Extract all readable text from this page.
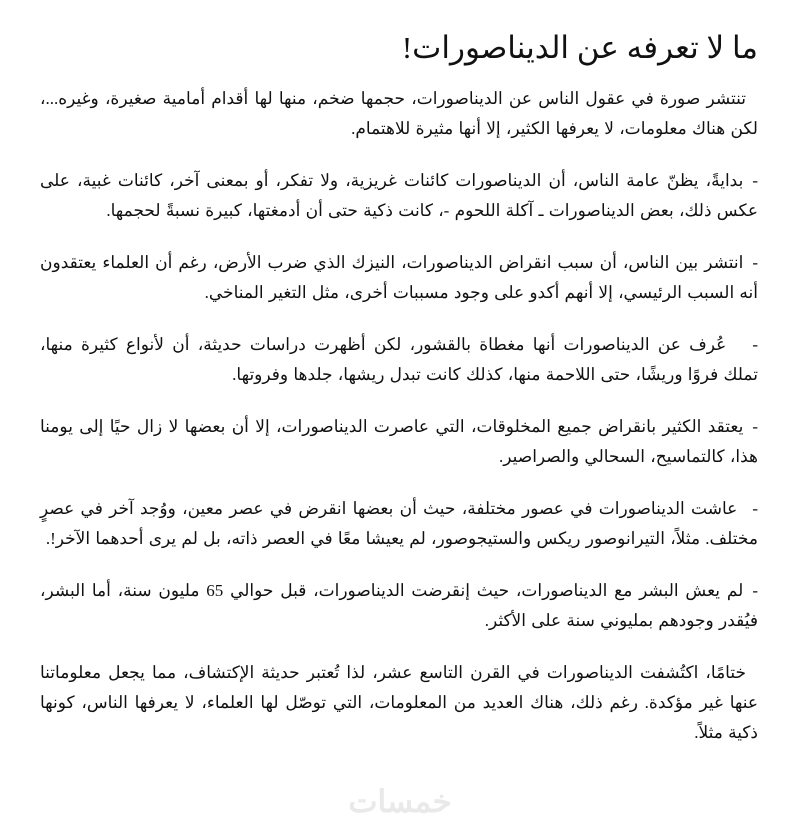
ما لا تعرفه عن الديناصورات!

تنتشر صورة في عقول الناس عن الديناصورات، حجمها ضخم، منها لها أقدام أمامية صغيرة، وغيره...، لكن هناك معلومات، لا يعرفها الكثير، إلا أنها مثيرة للاهتمام.

-بدايةً، يظنّ عامة الناس، أن الديناصورات كائنات غريزية، ولا تفكر، أو بمعنى آخر، كائنات غبية، على عكس ذلك، بعض الديناصورات ـ آكلة اللحوم -، كانت ذكية حتى أن أدمغتها، كبيرة نسبةً لحجمها.

-انتشر بين الناس، أن سبب انقراض الديناصورات، النيزك الذي ضرب الأرض، رغم أن العلماء يعتقدون أنه السبب الرئيسي، إلا أنهم أكدو على وجود مسببات أخرى، مثل التغير المناخي.

-عُرف عن الديناصورات أنها مغطاة بالقشور، لكن أظهرت دراسات حديثة، أن لأنواع كثيرة منها، تملك فروًا وريشًا، حتى اللاحمة منها، كذلك كانت تبدل ريشها، جلدها وفروتها.

-يعتقد الكثير بانقراض جميع المخلوقات، التي عاصرت الديناصورات، إلا أن بعضها لا زال حيًا إلى يومنا هذا، كالتماسيح، السحالي والصراصير.

-عاشت الديناصورات في عصور مختلفة، حيث أن بعضها انقرض في عصر معين، ووُجد آخر في عصرٍ مختلف. مثلاً، التيرانوصور ريكس والستيجوصور، لم يعيشا معًا في العصر ذاته، بل لم يرى أحدهما الآخر!.

-لم يعش البشر مع الديناصورات، حيث إنقرضت الديناصورات، قبل حوالي 65 مليون سنة، أما البشر، فيُقدر وجودهم بمليوني سنة على الأكثر.

ختامًا، اكتُشفت الديناصورات في القرن التاسع عشر، لذا تُعتبر حديثة الإكتشاف، مما يجعل معلوماتنا عنها غير مؤكدة. رغم ذلك، هناك العديد من المعلومات، التي توصّل لها العلماء، لا يعرفها الناس، كونها ذكية مثلاً.

خمسات
